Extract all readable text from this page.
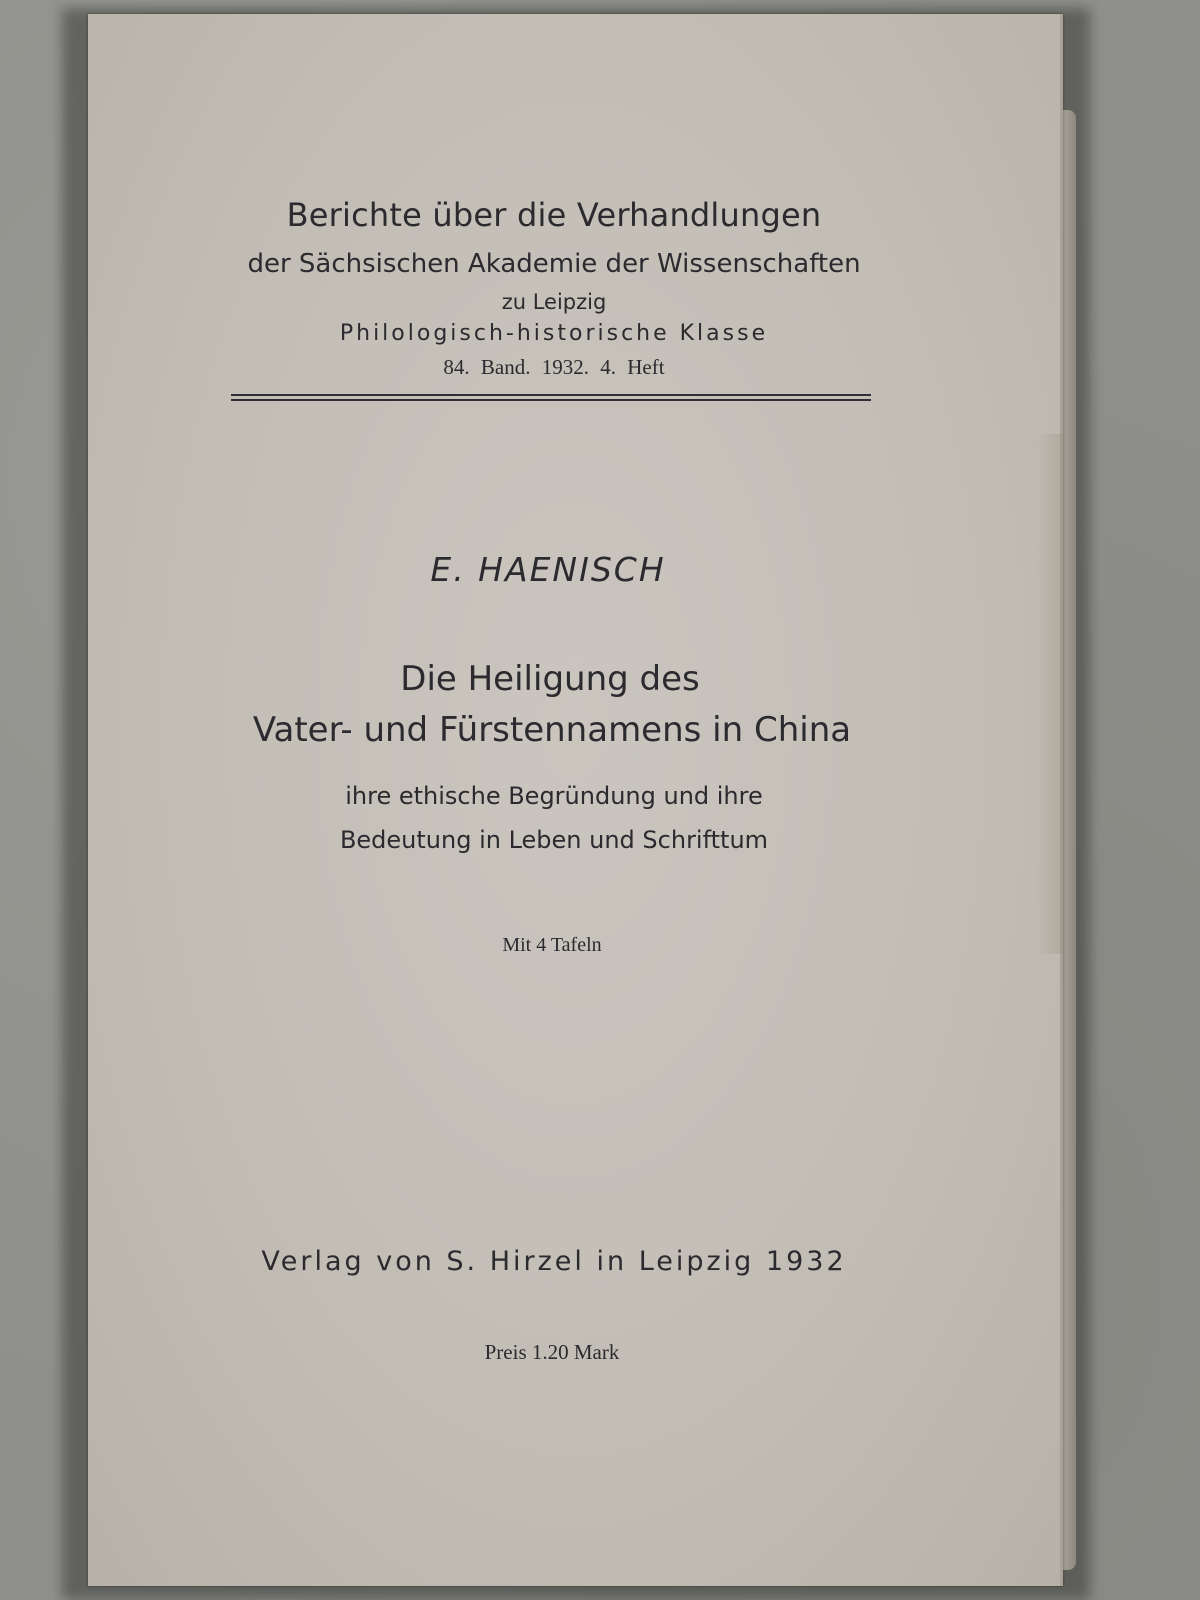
Berichte über die Verhandlungen
der Sächsischen Akademie der Wissenschaften
zu Leipzig
Philologisch-historische Klasse
84. Band. 1932. 4. Heft
E. HAENISCH
Die Heiligung des
Vater- und Fürstennamens in China
ihre ethische Begründung und ihre
Bedeutung in Leben und Schrifttum
Mit 4 Tafeln
Verlag von S. Hirzel in Leipzig 1932
Preis 1.20 Mark
